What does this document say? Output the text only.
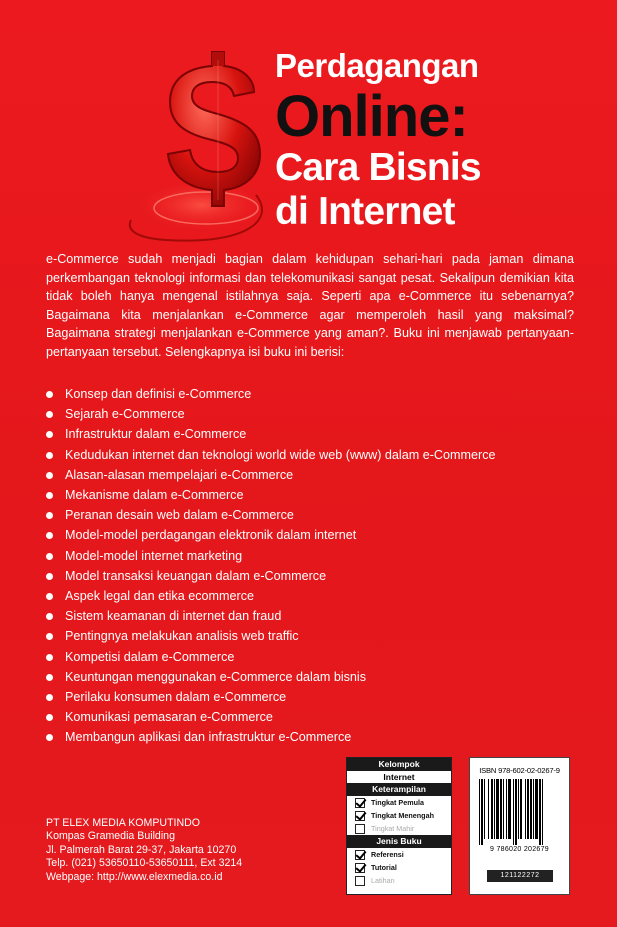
Perdagangan
Online:
Cara Bisnis
di Internet
e-Commerce sudah menjadi bagian dalam kehidupan sehari-hari pada jaman dimana perkembangan teknologi informasi dan telekomunikasi sangat pesat. Sekalipun demikian kita tidak boleh hanya mengenal istilahnya saja. Seperti apa e-Commerce itu sebenarnya? Bagaimana kita menjalankan e-Commerce agar memperoleh hasil yang maksimal? Bagaimana strategi menjalankan e-Commerce yang aman?. Buku ini menjawab pertanyaan-pertanyaan tersebut. Selengkapnya isi buku ini berisi:
Konsep dan definisi e-Commerce
Sejarah e-Commerce
Infrastruktur dalam e-Commerce
Kedudukan internet dan teknologi world wide web (www) dalam e-Commerce
Alasan-alasan mempelajari e-Commerce
Mekanisme dalam e-Commerce
Peranan desain web dalam e-Commerce
Model-model perdagangan elektronik dalam internet
Model-model internet marketing
Model transaksi keuangan dalam e-Commerce
Aspek legal dan etika ecommerce
Sistem keamanan di internet dan fraud
Pentingnya melakukan analisis web traffic
Kompetisi dalam e-Commerce
Keuntungan menggunakan e-Commerce dalam bisnis
Perilaku konsumen dalam e-Commerce
Komunikasi pemasaran e-Commerce
Membangun aplikasi dan infrastruktur e-Commerce
PT ELEX MEDIA KOMPUTINDO
Kompas Gramedia Building
Jl. Palmerah Barat 29-37, Jakarta 10270
Telp. (021) 53650110-53650111, Ext 3214
Webpage: http://www.elexmedia.co.id
Kelompok
Internet
Keterampilan
Tingkat Pemula
Tingkat Menengah
Tingkat Mahir
Jenis Buku
Referensi
Tutorial
Latihan
ISBN 978-602-02-0267-9
9 786020 202679
121122272
